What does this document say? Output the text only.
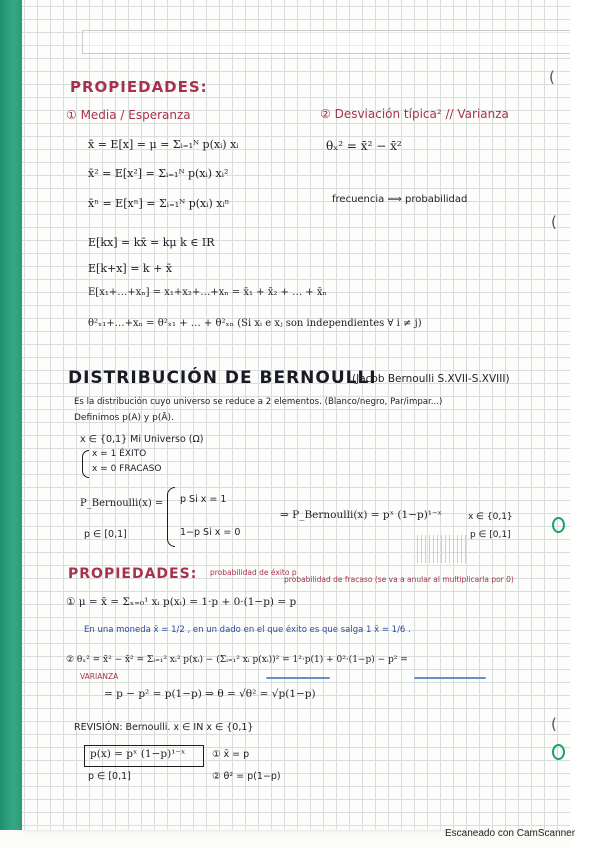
(
(
(
PROPIEDADES:
① Media / Esperanza	② Desviación típica² // Varianza
x̄ = E[x] = μ = Σᵢ₌₁ᴺ p(xᵢ) xᵢ
x̄² = E[x²] = Σᵢ₌₁ᴺ p(xᵢ) xᵢ²
x̄ⁿ = E[xⁿ] = Σᵢ₌₁ᴺ p(xᵢ) xᵢⁿ
θₓ² = x̄² − x̄²
frecuencia ⟹ probabilidad
E[kx] = kx̄ = kμ k ∈ IR
E[k+x] = k + x̄
E[x₁+…+xₙ] = x₁+x₂+…+xₙ = x̄₁ + x̄₂ + … + x̄ₙ
θ²ₓ₁+…+xₙ = θ²ₓ₁ + … + θ²ₓₙ (Si xᵢ e xⱼ son independientes ∀ i ≠ j)
DISTRIBUCIÓN DE BERNOULLI
(Jacob Bernoulli S.XVII-S.XVIII)
Es la distribución cuyo universo se reduce a 2 elementos. (Blanco/negro, Par/impar...)
Definimos p(A) y p(Ā).
x ∈ {0,1} Mi Universo (Ω)
x = 1 ÉXITO
x = 0 FRACASO
P_Bernoulli(x) = p Si x = 1
1−p Si x = 0
p ∈ [0,1]
⇒ P_Bernoulli(x) = pˣ (1−p)¹⁻ˣ	x ∈ {0,1}
p ∈ [0,1]
PROPIEDADES: probabilidad de éxito p
probabilidad de fracaso (se va a anular al multiplicarla por 0)
① μ = x̄ = Σₓ₌₀¹ xᵢ p(xᵢ) = 1·p + 0·(1−p) = p
En una moneda x̄ = 1/2 , en un dado en el que éxito es que salga 1 x̄ = 1/6 .
② θₓ² = x̄² − x̄² = Σᵢ₌₁² xᵢ² p(xᵢ) − (Σᵢ₌₁² xᵢ p(xᵢ))² = 1²·p(1) + 0²·(1−p) − p² =
VARIANZA
= p − p² = p(1−p) ⇒ θ = √θ² = √p(1−p)
REVISIÓN: Bernoulli. x ∈ IN x ∈ {0,1}
p(x) = pˣ (1−p)¹⁻ˣ	① x̄ = p
p ∈ [0,1]	② θ² = p(1−p)
Escaneado con CamScanner
